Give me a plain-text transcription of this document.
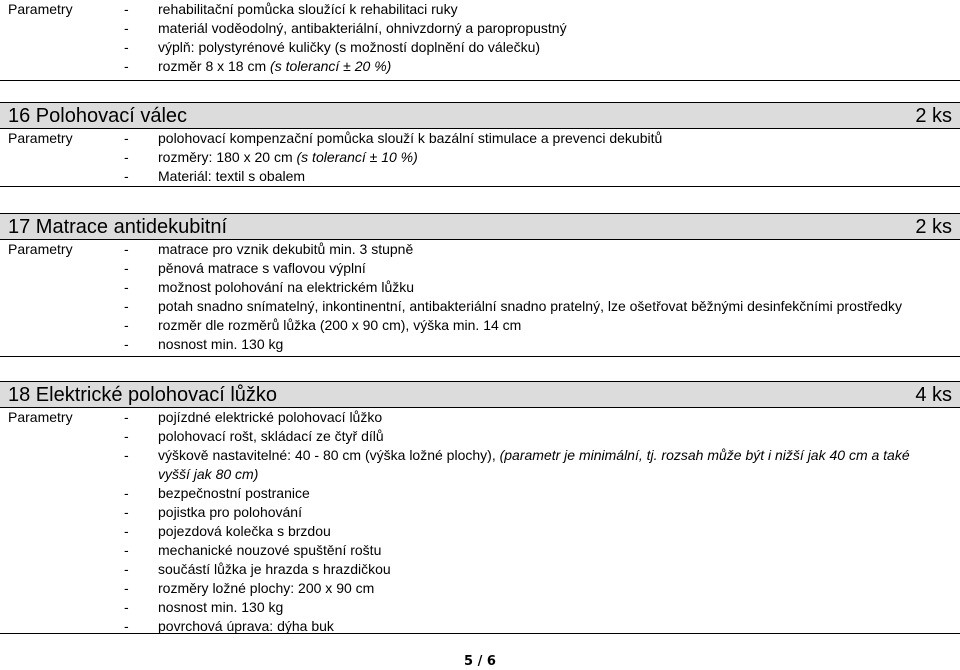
Parametry	- rehabilitační pomůcka sloužící k rehabilitaci ruky
- materiál voděodolný, antibakteriální, ohnivzdorný a paropropustný
- výplň: polystyrénové kuličky (s možností doplnění do válečku)
- rozměr 8 x 18 cm (s tolerancí ± 20 %)
16 Polohovací válec	2 ks
Parametry	- polohovací kompenzační pomůcka slouží k bazální stimulace a prevenci dekubitů
- rozměry: 180 x 20 cm (s tolerancí ± 10 %)
- Materiál: textil s obalem
17 Matrace antidekubitní	2 ks
Parametry	- matrace pro vznik dekubitů min. 3 stupně
- pěnová matrace s vaflovou výplní
- možnost polohování na elektrickém lůžku
- potah snadno snímatelný, inkontinentní, antibakteriální snadno pratelný, lze ošetřovat běžnými desinfekčními prostředky
- rozměr dle rozměrů lůžka (200 x 90 cm), výška min. 14 cm
- nosnost min. 130 kg
18 Elektrické polohovací lůžko	4 ks
Parametry	- pojízdné elektrické polohovací lůžko
- polohovací rošt, skládací ze čtyř dílů
- výškově nastavitelné: 40 - 80 cm (výška ložné plochy), (parametr je minimální, tj. rozsah může být i nižší jak 40 cm a také vyšší jak 80 cm)
- bezpečnostní postranice
- pojistka pro polohování
- pojezdová kolečka s brzdou
- mechanické nouzové spuštění roštu
- součástí lůžka je hrazda s hrazdičkou
- rozměry ložné plochy: 200 x 90 cm
- nosnost min. 130 kg
- povrchová úprava: dýha buk
5 / 6
